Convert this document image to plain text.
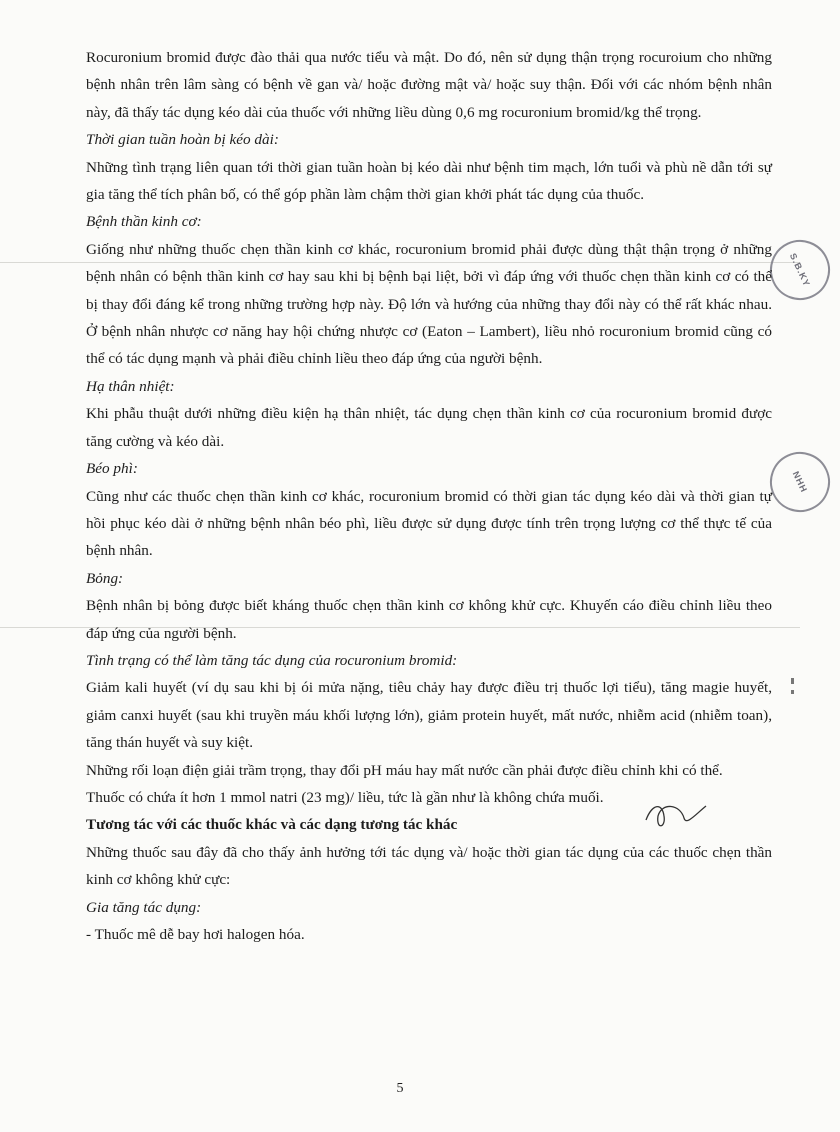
S.B.KY
NHH

Rocuronium bromid được đào thải qua nước tiểu và mật. Do đó, nên sử dụng thận trọng rocuroium cho những bệnh nhân trên lâm sàng có bệnh về gan và/ hoặc đường mật và/ hoặc suy thận. Đối với các nhóm bệnh nhân này, đã thấy tác dụng kéo dài của thuốc với những liều dùng 0,6 mg rocuronium bromid/kg thể trọng.

Thời gian tuần hoàn bị kéo dài:

Những tình trạng liên quan tới thời gian tuần hoàn bị kéo dài như bệnh tim mạch, lớn tuổi và phù nề dẫn tới sự gia tăng thể tích phân bố, có thể góp phần làm chậm thời gian khởi phát tác dụng của thuốc.

Bệnh thần kinh cơ:

Giống như những thuốc chẹn thần kinh cơ khác, rocuronium bromid phải được dùng thật thận trọng ở những bệnh nhân có bệnh thần kinh cơ hay sau khi bị bệnh bại liệt, bởi vì đáp ứng với thuốc chẹn thần kinh cơ có thể bị thay đổi đáng kể trong những trường hợp này. Độ lớn và hướng của những thay đổi này có thể rất khác nhau. Ở bệnh nhân nhược cơ năng hay hội chứng nhược cơ (Eaton – Lambert), liều nhỏ rocuronium bromid cũng có thể có tác dụng mạnh và phải điều chỉnh liều theo đáp ứng của người bệnh.

Hạ thân nhiệt:

Khi phẫu thuật dưới những điều kiện hạ thân nhiệt, tác dụng chẹn thần kinh cơ của rocuronium bromid được tăng cường và kéo dài.

Béo phì:

Cũng như các thuốc chẹn thần kinh cơ khác, rocuronium bromid có thời gian tác dụng kéo dài và thời gian tự hồi phục kéo dài ở những bệnh nhân béo phì, liều được sử dụng được tính trên trọng lượng cơ thể thực tế của bệnh nhân.

Bỏng:

Bệnh nhân bị bỏng được biết kháng thuốc chẹn thần kinh cơ không khử cực. Khuyến cáo điều chỉnh liều theo đáp ứng của người bệnh.

Tình trạng có thể làm tăng tác dụng của rocuronium bromid:

Giảm kali huyết (ví dụ sau khi bị ói mửa nặng, tiêu chảy hay được điều trị thuốc lợi tiểu), tăng magie huyết, giảm canxi huyết (sau khi truyền máu khối lượng lớn), giảm protein huyết, mất nước, nhiễm acid (nhiễm toan), tăng thán huyết và suy kiệt.

Những rối loạn điện giải trầm trọng, thay đổi pH máu hay mất nước cần phải được điều chỉnh khi có thể.

Thuốc có chứa ít hơn 1 mmol natri (23 mg)/ liều, tức là gần như là không chứa muối.

Tương tác với các thuốc khác và các dạng tương tác khác

Những thuốc sau đây đã cho thấy ảnh hưởng tới tác dụng và/ hoặc thời gian tác dụng của các thuốc chẹn thần kinh cơ không khử cực:

Gia tăng tác dụng:

- Thuốc mê dễ bay hơi halogen hóa.

5
